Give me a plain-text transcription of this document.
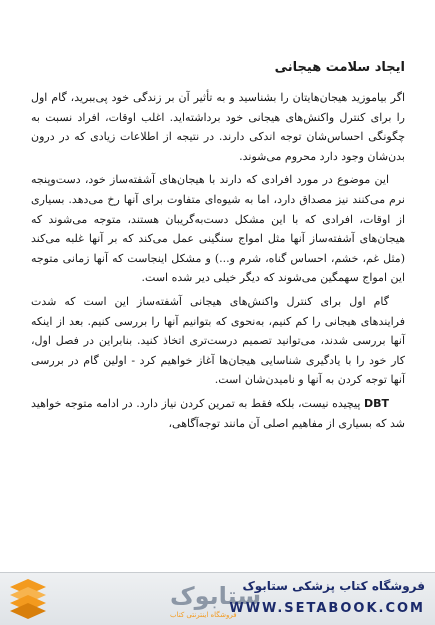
ایجاد سلامت هیجانی

اگر بیاموزید هیجان‌هایتان را بشناسید و به تأثیر آن بر زندگی خود پی‌ببرید، گام اول را برای کنترل واکنش‌های هیجانی خود برداشته‌اید. اغلب اوقات، افراد نسبت به چگونگی احساس‌شان توجه اندکی دارند. در نتیجه از اطلاعات زیادی که در درون بدن‌شان وجود دارد محروم می‌شوند.

این موضوع در مورد افرادی که دارند با هیجان‌های آشفته‌ساز خود، دست‌وپنجه نرم می‌کنند نیز مصداق دارد، اما به شیوه‌ای متفاوت برای آنها رخ می‌دهد. بسیاری از اوقات، افرادی که با این مشکل دست‌به‌گریبان هستند، متوجه می‌شوند که هیجان‌های آشفته‌ساز آنها مثل امواج سنگینی عمل می‌کند که بر آنها غلبه می‌کند (مثل غم، خشم، احساس گناه، شرم و...) و مشکل اینجاست که آنها زمانی متوجه این امواج سهمگین می‌شوند که دیگر خیلی دیر شده است.

گام اول برای کنترل واکنش‌های هیجانی آشفته‌ساز این است که شدت فرایندهای هیجانی را کم کنیم، به‌نحوی که بتوانیم آنها را بررسی کنیم. بعد از اینکه آنها بررسی شدند، می‌توانید تصمیم درست‌تری اتخاذ کنید. بنابراین در فصل اول، کار خود را با یادگیری شناسایی هیجان‌ها آغاز خواهیم کرد - اولین گام در بررسی آنها توجه کردن به آنها و نامیدن‌شان است.

DBT پیچیده نیست، بلکه فقط به تمرین کردن نیاز دارد. در ادامه متوجه خواهید شد که بسیاری از مفاهیم اصلی آن مانند توجه‌آگاهی،

ستابوک
فروشگاه اینترنتی کتاب
فروشگاه کتاب پزشکی ستابوک
WWW.SETABOOK.COM
